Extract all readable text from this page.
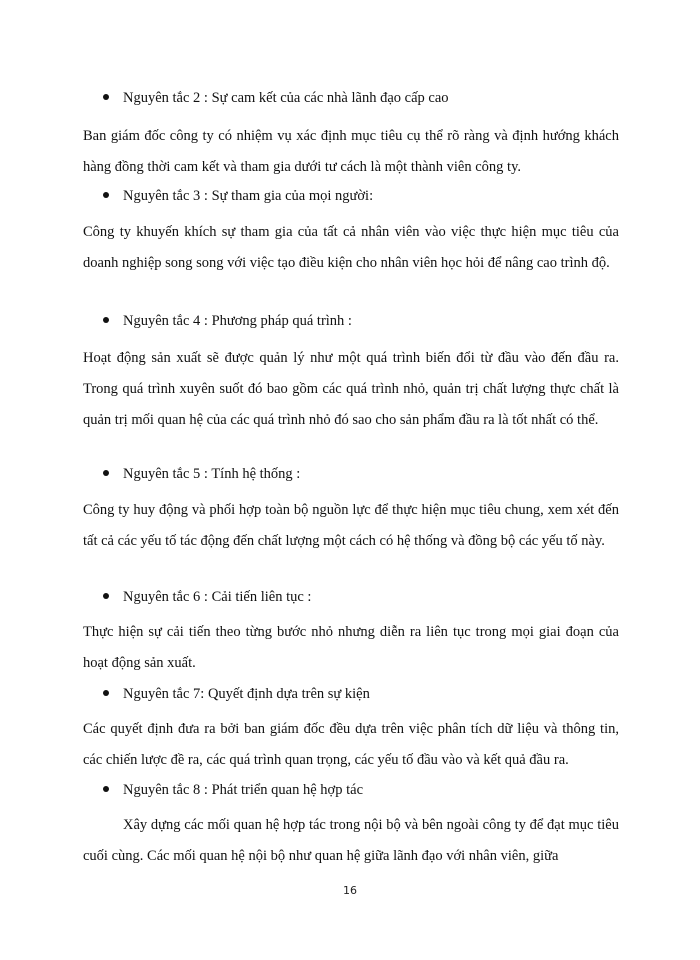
Nguyên tắc 2 : Sự cam kết của các nhà lãnh đạo cấp cao

Ban giám đốc công ty có nhiệm vụ xác định mục tiêu cụ thể rõ ràng và định hướng khách hàng đồng thời cam kết và tham gia dưới tư cách là một thành viên công ty.

Nguyên tắc 3 : Sự tham gia của mọi người:

Công ty khuyến khích sự tham gia của tất cả nhân viên vào việc thực hiện mục tiêu của doanh nghiệp song song với việc tạo điều kiện cho nhân viên học hỏi để nâng cao trình độ.

Nguyên tắc 4 : Phương pháp quá trình :

Hoạt động sản xuất sẽ được quản lý như một quá trình biến đổi từ đầu vào đến đầu ra. Trong quá trình xuyên suốt đó bao gồm các quá trình nhỏ, quản trị chất lượng thực chất là quản trị mối quan hệ của các quá trình nhỏ đó sao cho sản phẩm đầu ra là tốt nhất có thể.

Nguyên tắc 5 : Tính hệ thống :

Công ty huy động và phối hợp toàn bộ nguồn lực để thực hiện mục tiêu chung, xem xét đến tất cả các yếu tố tác động đến chất lượng một cách có hệ thống và đồng bộ các yếu tố này.

Nguyên tắc 6 : Cải tiến liên tục :

Thực hiện sự cải tiến theo từng bước nhỏ nhưng diễn ra liên tục trong mọi giai đoạn của hoạt động sản xuất.

Nguyên tắc 7: Quyết định dựa trên sự kiện

Các quyết định đưa ra bởi ban giám đốc đều dựa trên việc phân tích dữ liệu và thông tin, các chiến lược đề ra, các quá trình quan trọng, các yếu tố đầu vào và kết quả đầu ra.

Nguyên tắc 8 : Phát triển quan hệ hợp tác

Xây dựng các mối quan hệ hợp tác trong nội bộ và bên ngoài công ty để đạt mục tiêu cuối cùng. Các mối quan hệ nội bộ như quan hệ giữa lãnh đạo với nhân viên, giữa

16
